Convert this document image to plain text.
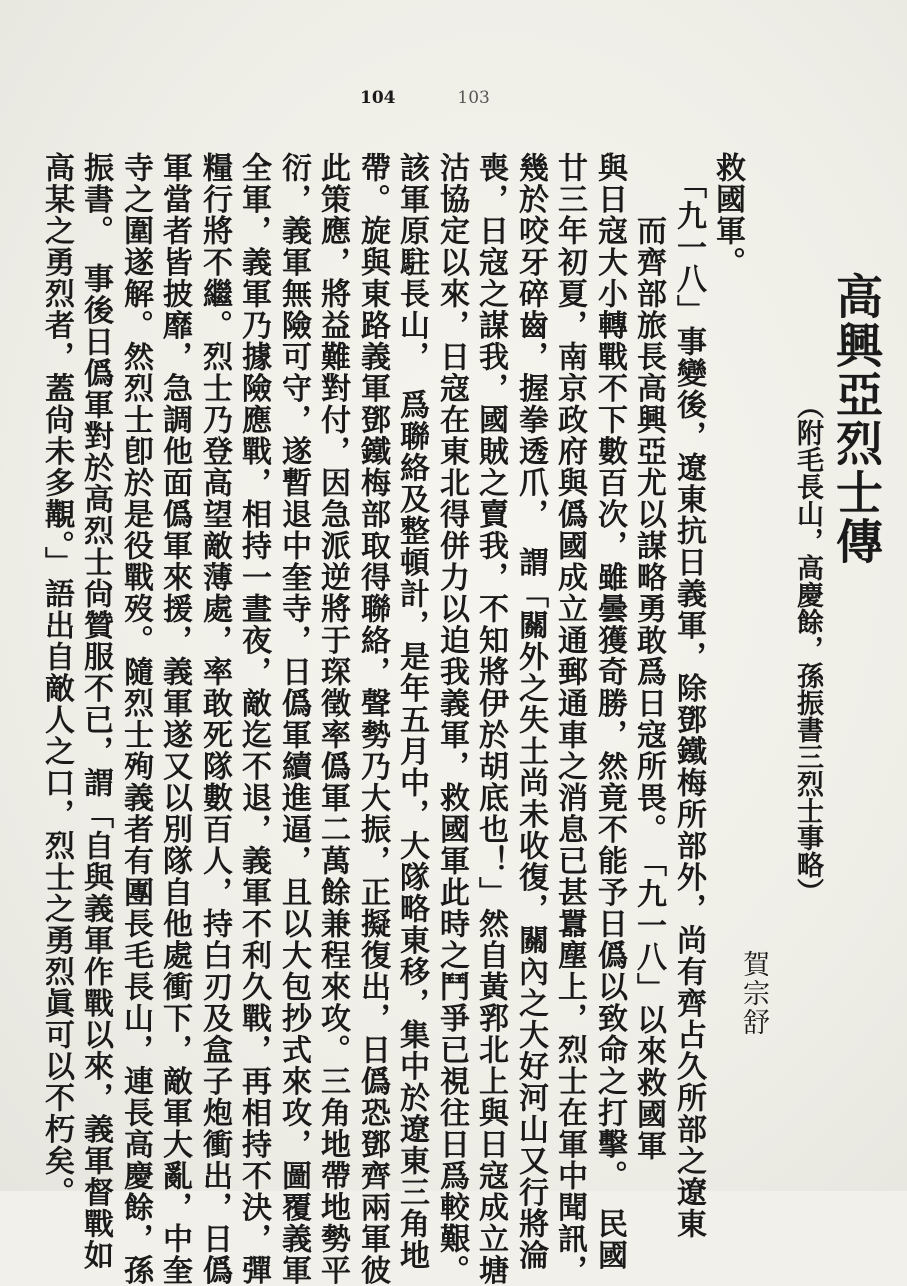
104	103
高興亞烈士傳
（附毛長山，高慶餘，孫振書三烈士事略）
賀宗舒
救國軍。
　「九一八」事變後，遼東抗日義軍，除鄧鐵梅所部外，尚有齊占久所部之遼東
　　而齊部旅長高興亞尤以謀略勇敢爲日寇所畏。　「九一八」以來救國軍
與日寇大小轉戰不下數百次，雖曇獲奇勝，然竟不能予日僞以致命之打擊。　民國
廿三年初夏，南京政府與僞國成立通郵通車之消息已甚囂塵上，烈士在軍中聞訊，
幾於咬牙碎齒，握拳透爪，　謂「關外之失土尚未收復，關內之大好河山又行將淪
喪，日寇之謀我，國賊之賣我，不知將伊於胡底也！」然自黃郛北上與日寇成立塘
沽協定以來，日寇在東北得併力以迫我義軍，救國軍此時之鬥爭已視往日爲較艱。
該軍原駐長山，　爲聯絡及整頓計，是年五月中，大隊略東移，集中於遼東三角地
帶。旋與東路義軍鄧鐵梅部取得聯絡，聲勢乃大振，正擬復出，日僞恐鄧齊兩軍彼
此策應，將益難對付，因急派逆將于琛徵率僞軍二萬餘兼程來攻。三角地帶地勢平
衍，義軍無險可守，遂暫退中奎寺，日僞軍續進逼，且以大包抄式來攻，圖覆義軍
全軍，義軍乃據險應戰，相持一晝夜，敵迄不退，義軍不利久戰，再相持不決，彈
糧行將不繼。烈士乃登高望敵薄處，率敢死隊數百人，持白刃及盒子炮衝出，日僞
軍當者皆披靡，急調他面僞軍來援，義軍遂又以別隊自他處衝下，敵軍大亂，中奎
寺之圍遂解。然烈士卽於是役戰歿。隨烈士殉義者有團長毛長山，連長高慶餘，孫
振書。　事後日僞軍對於高烈士尙贊服不已，謂「自與義軍作戰以來，義軍督戰如
高某之勇烈者，蓋尙未多覯。」語出自敵人之口，烈士之勇烈眞可以不朽矣。
